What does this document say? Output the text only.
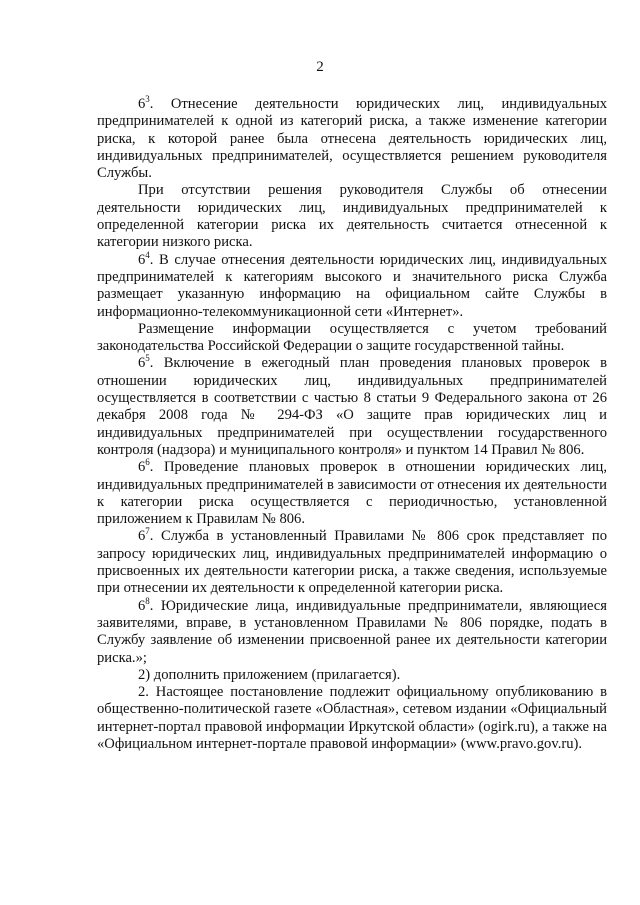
2

$6^3$. Отнесение деятельности юридических лиц, индивидуальных предпринимателей к одной из категорий риска, а также изменение категории риска, к которой ранее была отнесена деятельность юридических лиц, индивидуальных предпринимателей, осуществляется решением руководителя Службы.

При отсутствии решения руководителя Службы об отнесении деятельности юридических лиц, индивидуальных предпринимателей к определенной категории риска их деятельность считается отнесенной к категории низкого риска.

$6^4$. В случае отнесения деятельности юридических лиц, индивидуальных предпринимателей к категориям высокого и значительного риска Служба размещает указанную информацию на официальном сайте Службы в информационно-телекоммуникационной сети «Интернет».

Размещение информации осуществляется с учетом требований законодательства Российской Федерации о защите государственной тайны.

$6^5$. Включение в ежегодный план проведения плановых проверок в отношении юридических лиц, индивидуальных предпринимателей осуществляется в соответствии с частью 8 статьи 9 Федерального закона от 26 декабря 2008 года № 294-ФЗ «О защите прав юридических лиц и индивидуальных предпринимателей при осуществлении государственного контроля (надзора) и муниципального контроля» и пунктом 14 Правил № 806.

$6^6$. Проведение плановых проверок в отношении юридических лиц, индивидуальных предпринимателей в зависимости от отнесения их деятельности к категории риска осуществляется с периодичностью, установленной приложением к Правилам № 806.

$6^7$. Служба в установленный Правилами № 806 срок представляет по запросу юридических лиц, индивидуальных предпринимателей информацию о присвоенных их деятельности категории риска, а также сведения, используемые при отнесении их деятельности к определенной категории риска.

$6^8$. Юридические лица, индивидуальные предприниматели, являющиеся заявителями, вправе, в установленном Правилами № 806 порядке, подать в Службу заявление об изменении присвоенной ранее их деятельности категории риска.»;

2) дополнить приложением (прилагается).

2. Настоящее постановление подлежит официальному опубликованию в общественно-политической газете «Областная», сетевом издании «Официальный интернет-портал правовой информации Иркутской области» (ogirk.ru), а также на «Официальном интернет-портале правовой информации» (www.pravo.gov.ru).
